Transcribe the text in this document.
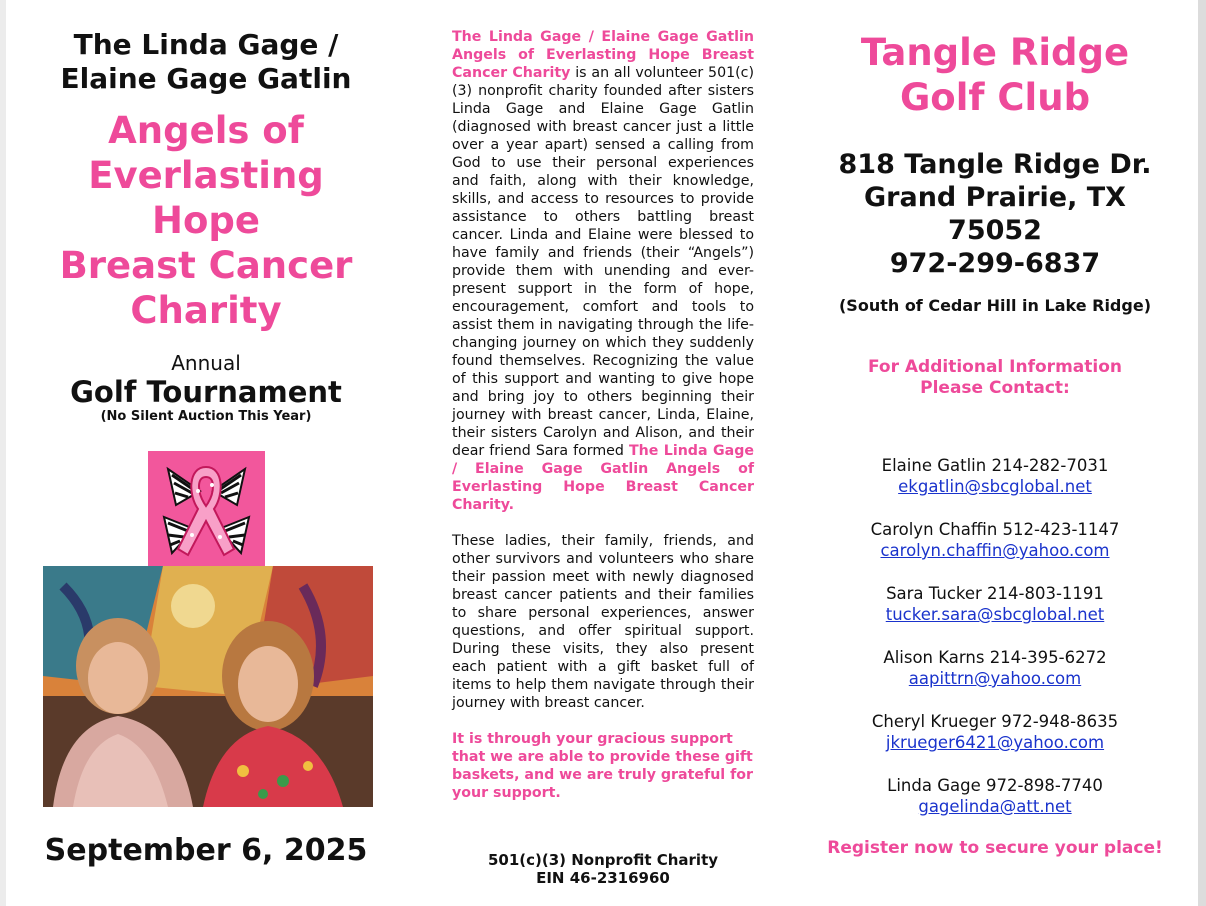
The Linda Gage /
Elaine Gage Gatlin
Angels of
Everlasting Hope
Breast Cancer
Charity
Annual
Golf Tournament
(No Silent Auction This Year)
September 6, 2025

The Linda Gage / Elaine Gage Gatlin Angels of Everlasting Hope Breast Cancer Charity is an all volunteer 501(c)(3) nonprofit charity founded after sisters Linda Gage and Elaine Gage Gatlin (diagnosed with breast cancer just a little over a year apart) sensed a calling from God to use their personal experiences and faith, along with their knowledge, skills, and access to resources to provide assistance to others battling breast cancer. Linda and Elaine were blessed to have family and friends (their “Angels”) provide them with unending and ever-present support in the form of hope, encouragement, comfort and tools to assist them in navigating through the life-changing journey on which they suddenly found themselves. Recognizing the value of this support and wanting to give hope and bring joy to others beginning their journey with breast cancer, Linda, Elaine, their sisters Carolyn and Alison, and their dear friend Sara formed The Linda Gage / Elaine Gage Gatlin Angels of Everlasting Hope Breast Cancer Charity.

These ladies, their family, friends, and other survivors and volunteers who share their passion meet with newly diagnosed breast cancer patients and their families to share personal experiences, answer questions, and offer spiritual support. During these visits, they also present each patient with a gift basket full of items to help them navigate through their journey with breast cancer.

It is through your gracious support that we are able to provide these gift baskets, and we are truly grateful for your support.

501(c)(3) Nonprofit Charity
EIN 46-2316960
Tangle Ridge
Golf Club
818 Tangle Ridge Dr.
Grand Prairie, TX 75052
972-299-6837
(South of Cedar Hill in Lake Ridge)
For Additional Information
Please Contact:
Elaine Gatlin 214-282-7031
ekgatlin@sbcglobal.net
Carolyn Chaffin 512-423-1147
carolyn.chaffin@yahoo.com
Sara Tucker 214-803-1191
tucker.sara@sbcglobal.net
Alison Karns 214-395-6272
aapittrn@yahoo.com
Cheryl Krueger 972-948-8635
jkrueger6421@yahoo.com
Linda Gage 972-898-7740
gagelinda@att.net
Register now to secure your place!
